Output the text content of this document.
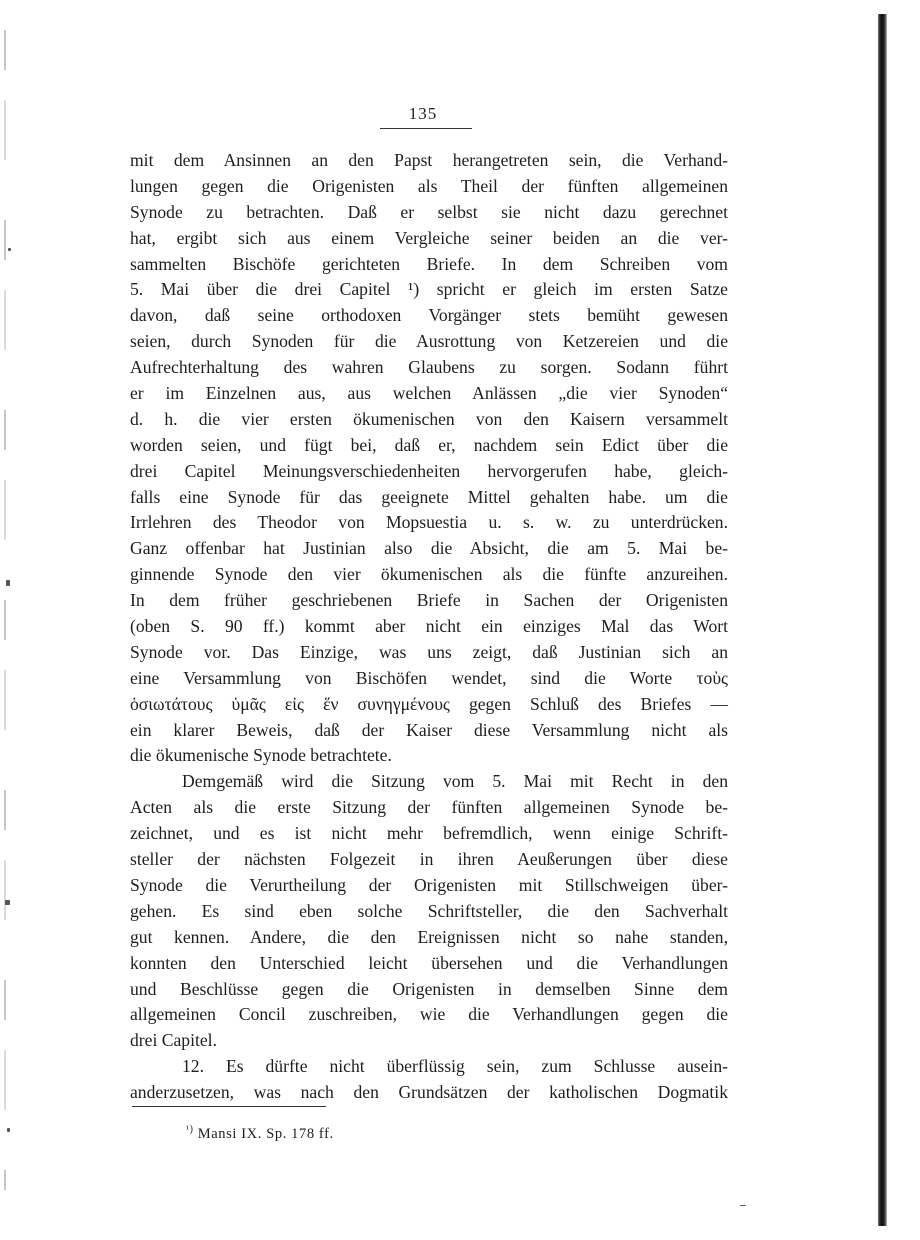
135
mit dem Ansinnen an den Papst herangetreten sein, die Verhand-
lungen gegen die Origenisten als Theil der fünften allgemeinen
Synode zu betrachten. Daß er selbst sie nicht dazu gerechnet
hat, ergibt sich aus einem Vergleiche seiner beiden an die ver-
sammelten Bischöfe gerichteten Briefe. In dem Schreiben vom
5. Mai über die drei Capitel ¹) spricht er gleich im ersten Satze
davon, daß seine orthodoxen Vorgänger stets bemüht gewesen
seien, durch Synoden für die Ausrottung von Ketzereien und die
Aufrechterhaltung des wahren Glaubens zu sorgen. Sodann führt
er im Einzelnen aus, aus welchen Anlässen „die vier Synoden“
d. h. die vier ersten ökumenischen von den Kaisern versammelt
worden seien, und fügt bei, daß er, nachdem sein Edict über die
drei Capitel Meinungsverschiedenheiten hervorgerufen habe, gleich-
falls eine Synode für das geeignete Mittel gehalten habe. um die
Irrlehren des Theodor von Mopsuestia u. s. w. zu unterdrücken.
Ganz offenbar hat Justinian also die Absicht, die am 5. Mai be-
ginnende Synode den vier ökumenischen als die fünfte anzureihen.
In dem früher geschriebenen Briefe in Sachen der Origenisten
(oben S. 90 ff.) kommt aber nicht ein einziges Mal das Wort
Synode vor. Das Einzige, was uns zeigt, daß Justinian sich an
eine Versammlung von Bischöfen wendet, sind die Worte τοὺς
ὁσιωτάτους ὑμᾶς εἰς ἕν συνηγμένους gegen Schluß des Briefes —
ein klarer Beweis, daß der Kaiser diese Versammlung nicht als
die ökumenische Synode betrachtete.
Demgemäß wird die Sitzung vom 5. Mai mit Recht in den
Acten als die erste Sitzung der fünften allgemeinen Synode be-
zeichnet, und es ist nicht mehr befremdlich, wenn einige Schrift-
steller der nächsten Folgezeit in ihren Aeußerungen über diese
Synode die Verurtheilung der Origenisten mit Stillschweigen über-
gehen. Es sind eben solche Schriftsteller, die den Sachverhalt
gut kennen. Andere, die den Ereignissen nicht so nahe standen,
konnten den Unterschied leicht übersehen und die Verhandlungen
und Beschlüsse gegen die Origenisten in demselben Sinne dem
allgemeinen Concil zuschreiben, wie die Verhandlungen gegen die
drei Capitel.
12. Es dürfte nicht überflüssig sein, zum Schlusse ausein-
anderzusetzen, was nach den Grundsätzen der katholischen Dogmatik
$^{^1)}$ Mansi IX. Sp. 178 ff.
